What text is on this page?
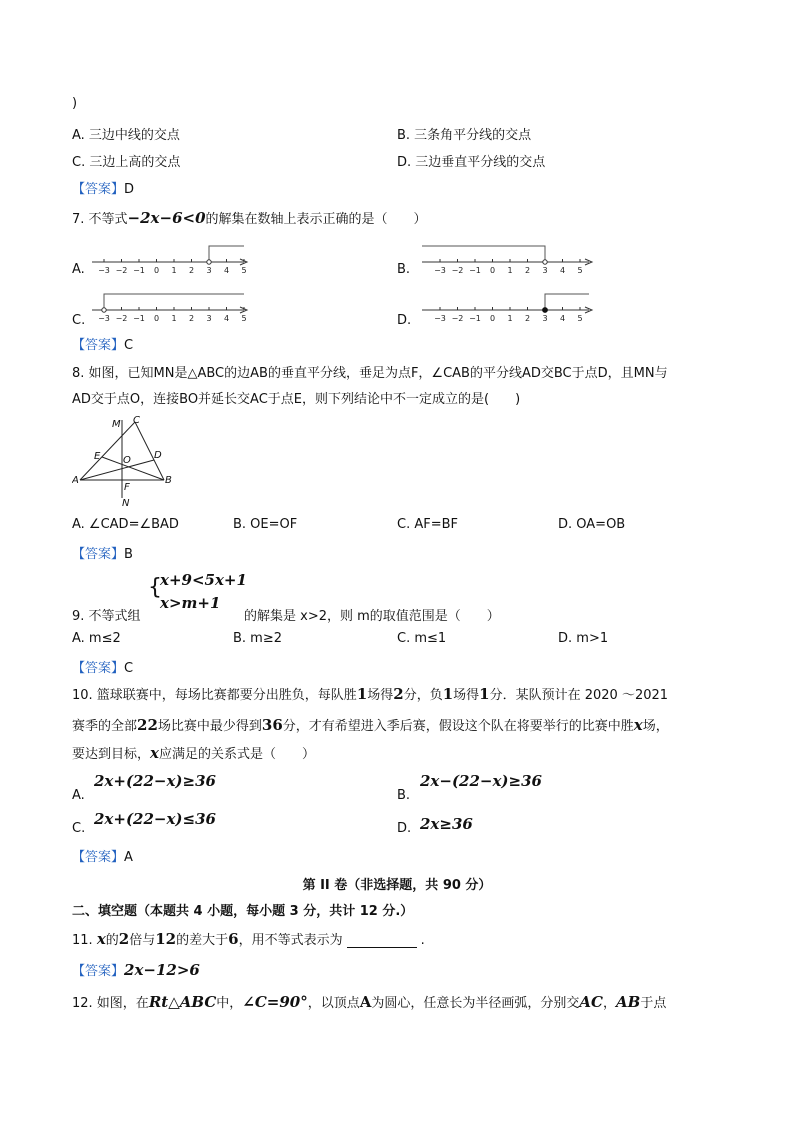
)
A. 三边中线的交点	B. 三条角平分线的交点
C. 三边上高的交点	D. 三边垂直平分线的交点
【答案】D
7. 不等式−2x−6<0的解集在数轴上表示正确的是（　　）
A.	B.
C.	D.
−3 −2 −1 0 1 2 3 4 5	−3 −2 −1 0 1 2 3 4 5
−3 −2 −1 0 1 2 3 4 5	−3 −2 −1 0 1 2 3 4 5
【答案】C
8. 如图，已知MN是△ABC的边AB的垂直平分线，垂足为点F，∠CAB的平分线AD交BC于点D，且MN与
AD交于点O，连接BO并延长交AC于点E，则下列结论中不一定成立的是(　　)
M C
E O D
A
F
B
N
A. ∠CAD=∠BAD	B. OE=OF	C. AF=BF	D. OA=OB
【答案】B
{
x+9<5x+1
x>m+1
9. 不等式组	的解集是 x>2，则 m的取值范围是（　　）
A. m≤2	B. m≥2	C. m≤1	D. m>1
【答案】C
10. 篮球联赛中，每场比赛都要分出胜负，每队胜1场得2分，负1场得1分．某队预计在 2020 ～2021
赛季的全部22场比赛中最少得到36分，才有希望进入季后赛，假设这个队在将要举行的比赛中胜x场，
要达到目标，x应满足的关系式是（　　）
A.
2x+(22−x)≥36
B.
2x−(22−x)≥36
C.
2x+(22−x)≤36
D. 2x≥36
【答案】A
第 II 卷（非选择题，共 90 分）
二、填空题（本题共 4 小题，每小题 3 分，共计 12 分.）
11. x的2倍与12的差大于6，用不等式表示为	.
【答案】2x−12>6
12. 如图，在Rt△ABC中，∠C=90°，以顶点A为圆心，任意长为半径画弧，分别交AC，AB于点
